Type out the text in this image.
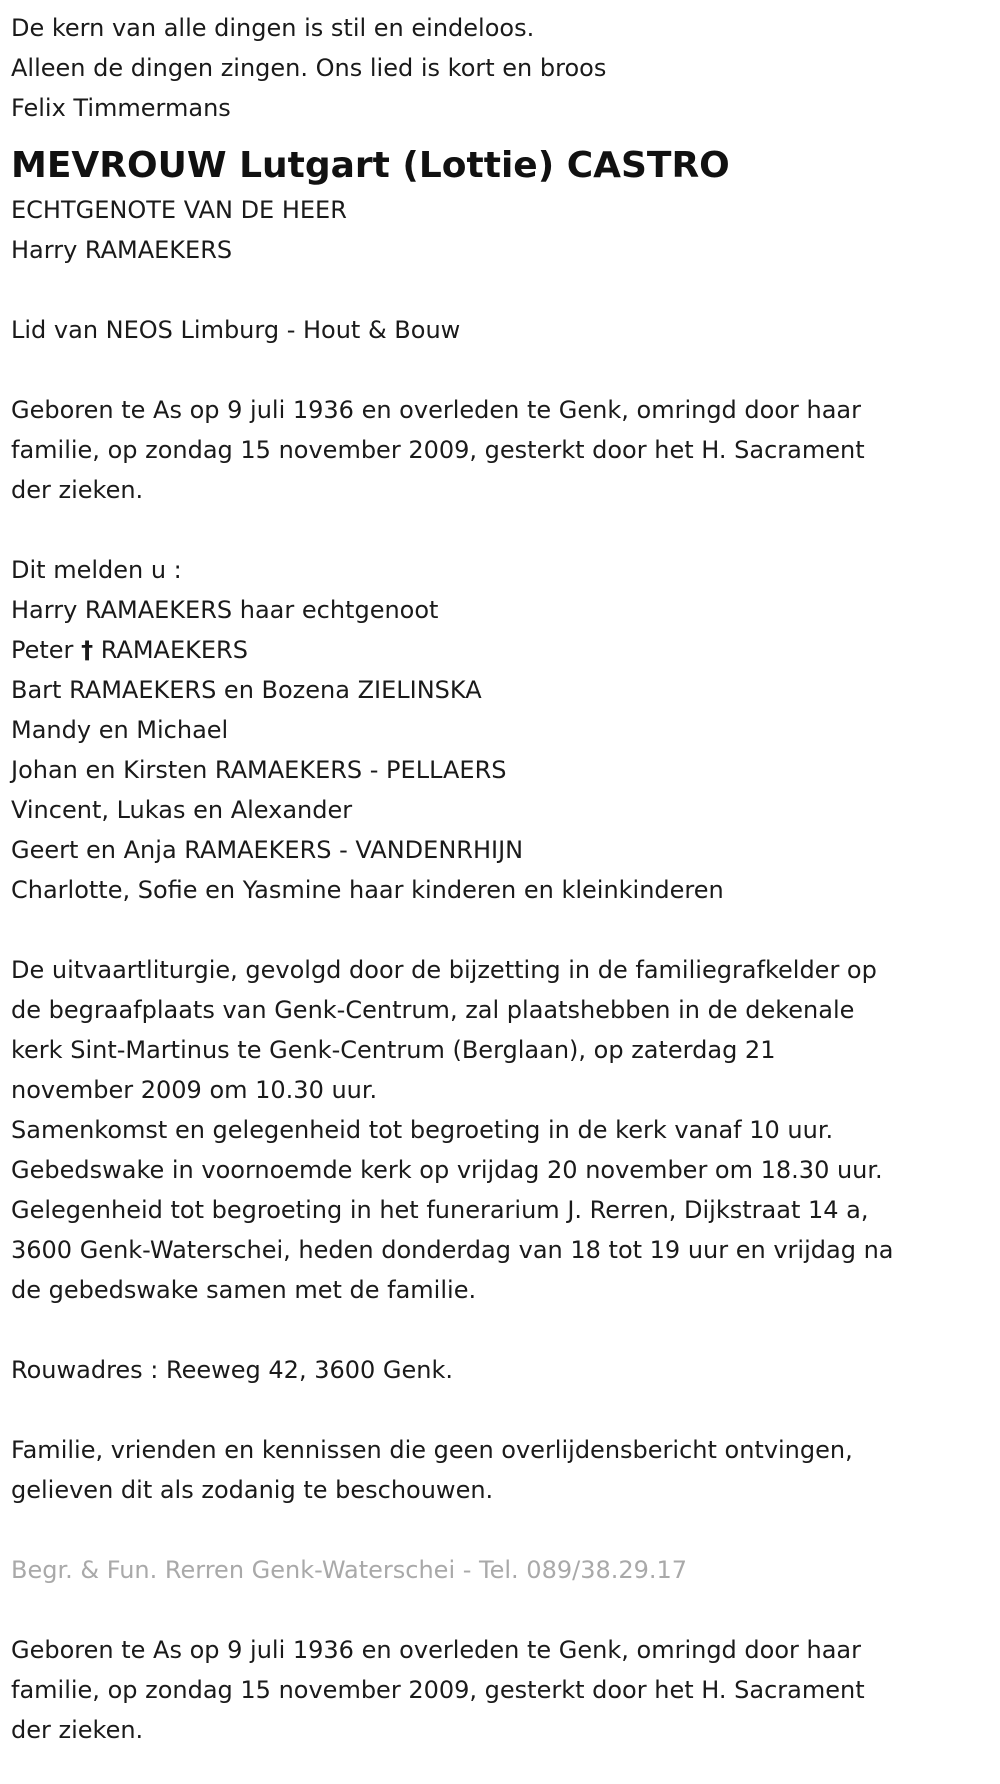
De kern van alle dingen is stil en eindeloos.

Alleen de dingen zingen. Ons lied is kort en broos

Felix Timmermans

MEVROUW Lutgart (Lottie) CASTRO

ECHTGENOTE VAN DE HEER

Harry RAMAEKERS

Lid van NEOS Limburg - Hout & Bouw

Geboren te As op 9 juli 1936 en overleden te Genk, omringd door haar

familie, op zondag 15 november 2009, gesterkt door het H. Sacrament

der zieken.

Dit melden u :

Harry RAMAEKERS haar echtgenoot

Peter † RAMAEKERS

Bart RAMAEKERS en Bozena ZIELINSKA

Mandy en Michael

Johan en Kirsten RAMAEKERS - PELLAERS

Vincent, Lukas en Alexander

Geert en Anja RAMAEKERS - VANDENRHIJN

Charlotte, Sofie en Yasmine haar kinderen en kleinkinderen

De uitvaartliturgie, gevolgd door de bijzetting in de familiegrafkelder op

de begraafplaats van Genk-Centrum, zal plaatshebben in de dekenale

kerk Sint-Martinus te Genk-Centrum (Berglaan), op zaterdag 21

november 2009 om 10.30 uur.

Samenkomst en gelegenheid tot begroeting in de kerk vanaf 10 uur.

Gebedswake in voornoemde kerk op vrijdag 20 november om 18.30 uur.

Gelegenheid tot begroeting in het funerarium J. Rerren, Dijkstraat 14 a,

3600 Genk-Waterschei, heden donderdag van 18 tot 19 uur en vrijdag na

de gebedswake samen met de familie.

Rouwadres : Reeweg 42, 3600 Genk.

Familie, vrienden en kennissen die geen overlijdensbericht ontvingen,

gelieven dit als zodanig te beschouwen.

Begr. & Fun. Rerren Genk-Waterschei - Tel. 089/38.29.17

Geboren te As op 9 juli 1936 en overleden te Genk, omringd door haar

familie, op zondag 15 november 2009, gesterkt door het H. Sacrament

der zieken.
